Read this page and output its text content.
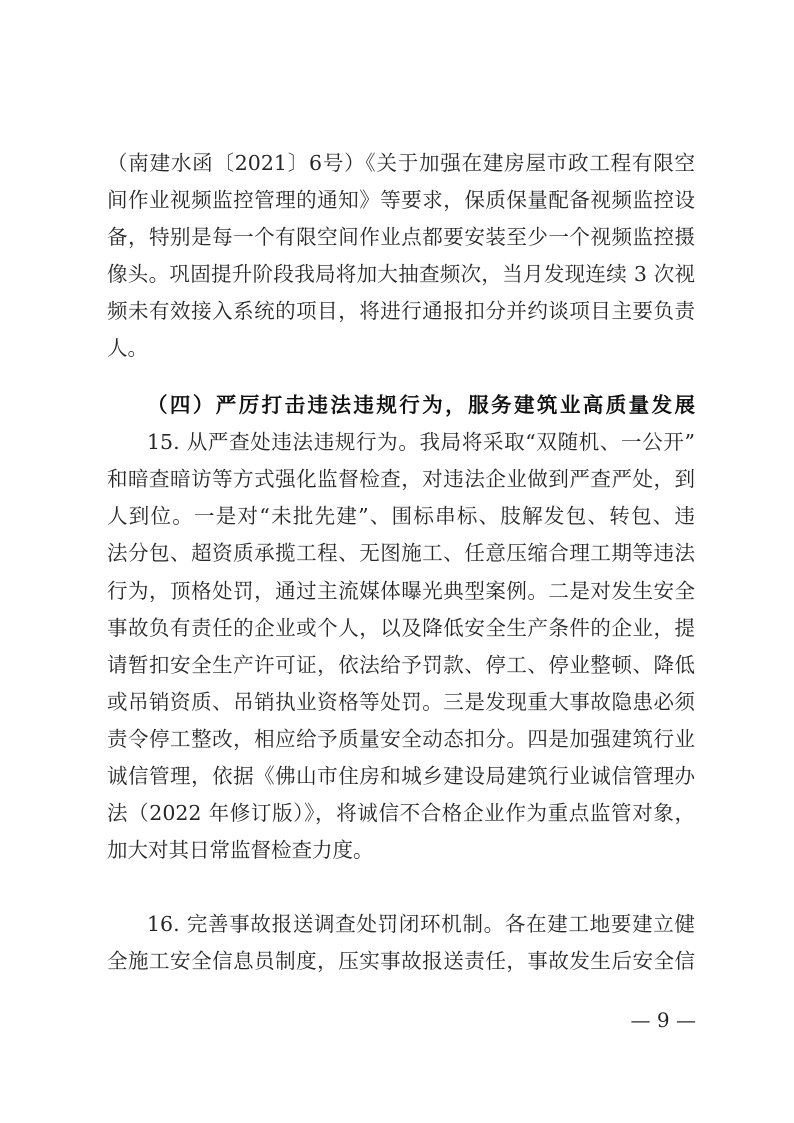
（南建水函〔2021〕6号）《关于加强在建房屋市政工程有限空
间作业视频监控管理的通知》等要求，保质保量配备视频监控设
备，特别是每一个有限空间作业点都要安装至少一个视频监控摄
像头。巩固提升阶段我局将加大抽查频次，当月发现连续 3 次视
频未有效接入系统的项目，将进行通报扣分并约谈项目主要负责
人。
（四）严厉打击违法违规行为，服务建筑业高质量发展
15. 从严查处违法违规行为。我局将采取“双随机、一公开”
和暗查暗访等方式强化监督检查，对违法企业做到严查严处，到
人到位。一是对“未批先建”、围标串标、肢解发包、转包、违
法分包、超资质承揽工程、无图施工、任意压缩合理工期等违法
行为，顶格处罚，通过主流媒体曝光典型案例。二是对发生安全
事故负有责任的企业或个人，以及降低安全生产条件的企业，提
请暂扣安全生产许可证，依法给予罚款、停工、停业整顿、降低
或吊销资质、吊销执业资格等处罚。三是发现重大事故隐患必须
责令停工整改，相应给予质量安全动态扣分。四是加强建筑行业
诚信管理，依据《佛山市住房和城乡建设局建筑行业诚信管理办
法（2022 年修订版）》，将诚信不合格企业作为重点监管对象，
加大对其日常监督检查力度。
16. 完善事故报送调查处罚闭环机制。各在建工地要建立健
全施工安全信息员制度，压实事故报送责任，事故发生后安全信
— 9 —
